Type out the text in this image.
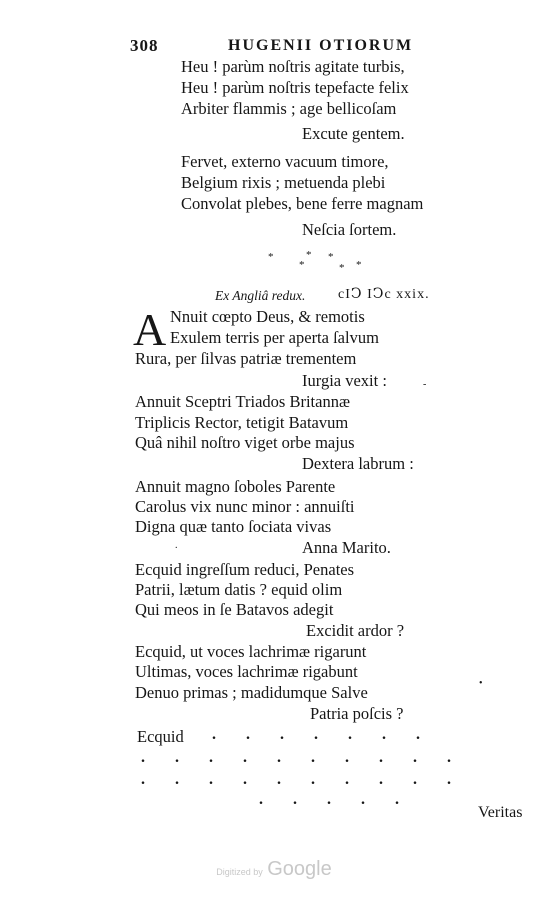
308	HUGENII OTIORUM
Heu ! parùm noſtris agitate turbis,
Heu ! parùm noſtris tepefacte felix
Arbiter flammis ; age bellicoſam
Excute gentem.
Fervet, externo vacuum timore,
Belgium rixis ; metuenda plebi
Convolat plebes, bene ferre magnam
Neſcia ſortem.
*	*
*	*
*
*
Ex Angliâ redux. cIↃ IↃc xxix.
A Nnuit cœpto Deus, & remotis
Exulem terris per aperta ſalvum
Rura, per ſilvas patriæ trementem
Iurgia vexit :
Annuit Sceptri Triados Britannæ
Triplicis Rector, tetigit Batavum
Quâ nihil noſtro viget orbe majus
Dextera labrum :
Annuit magno ſoboles Parente
Carolus vix nunc minor : annuiſti
Digna quæ tanto ſociata vivas
Anna Marito.
Ecquid ingreſſum reduci, Penates
Patrii, lætum datis ? equid olim
Qui meos in ſe Batavos adegit
Excidit ardor ?
Ecquid, ut voces lachrimæ rigarunt
Ultimas, voces lachrimæ rigabunt
Denuo primas ; madidumque Salve
Patria poſcis ?
Ecquid . . . . . . .
. . . . . . . . . .
. . . . . . . . . .
. . . . .
-
.
•
Veritas
Digitized by Google
